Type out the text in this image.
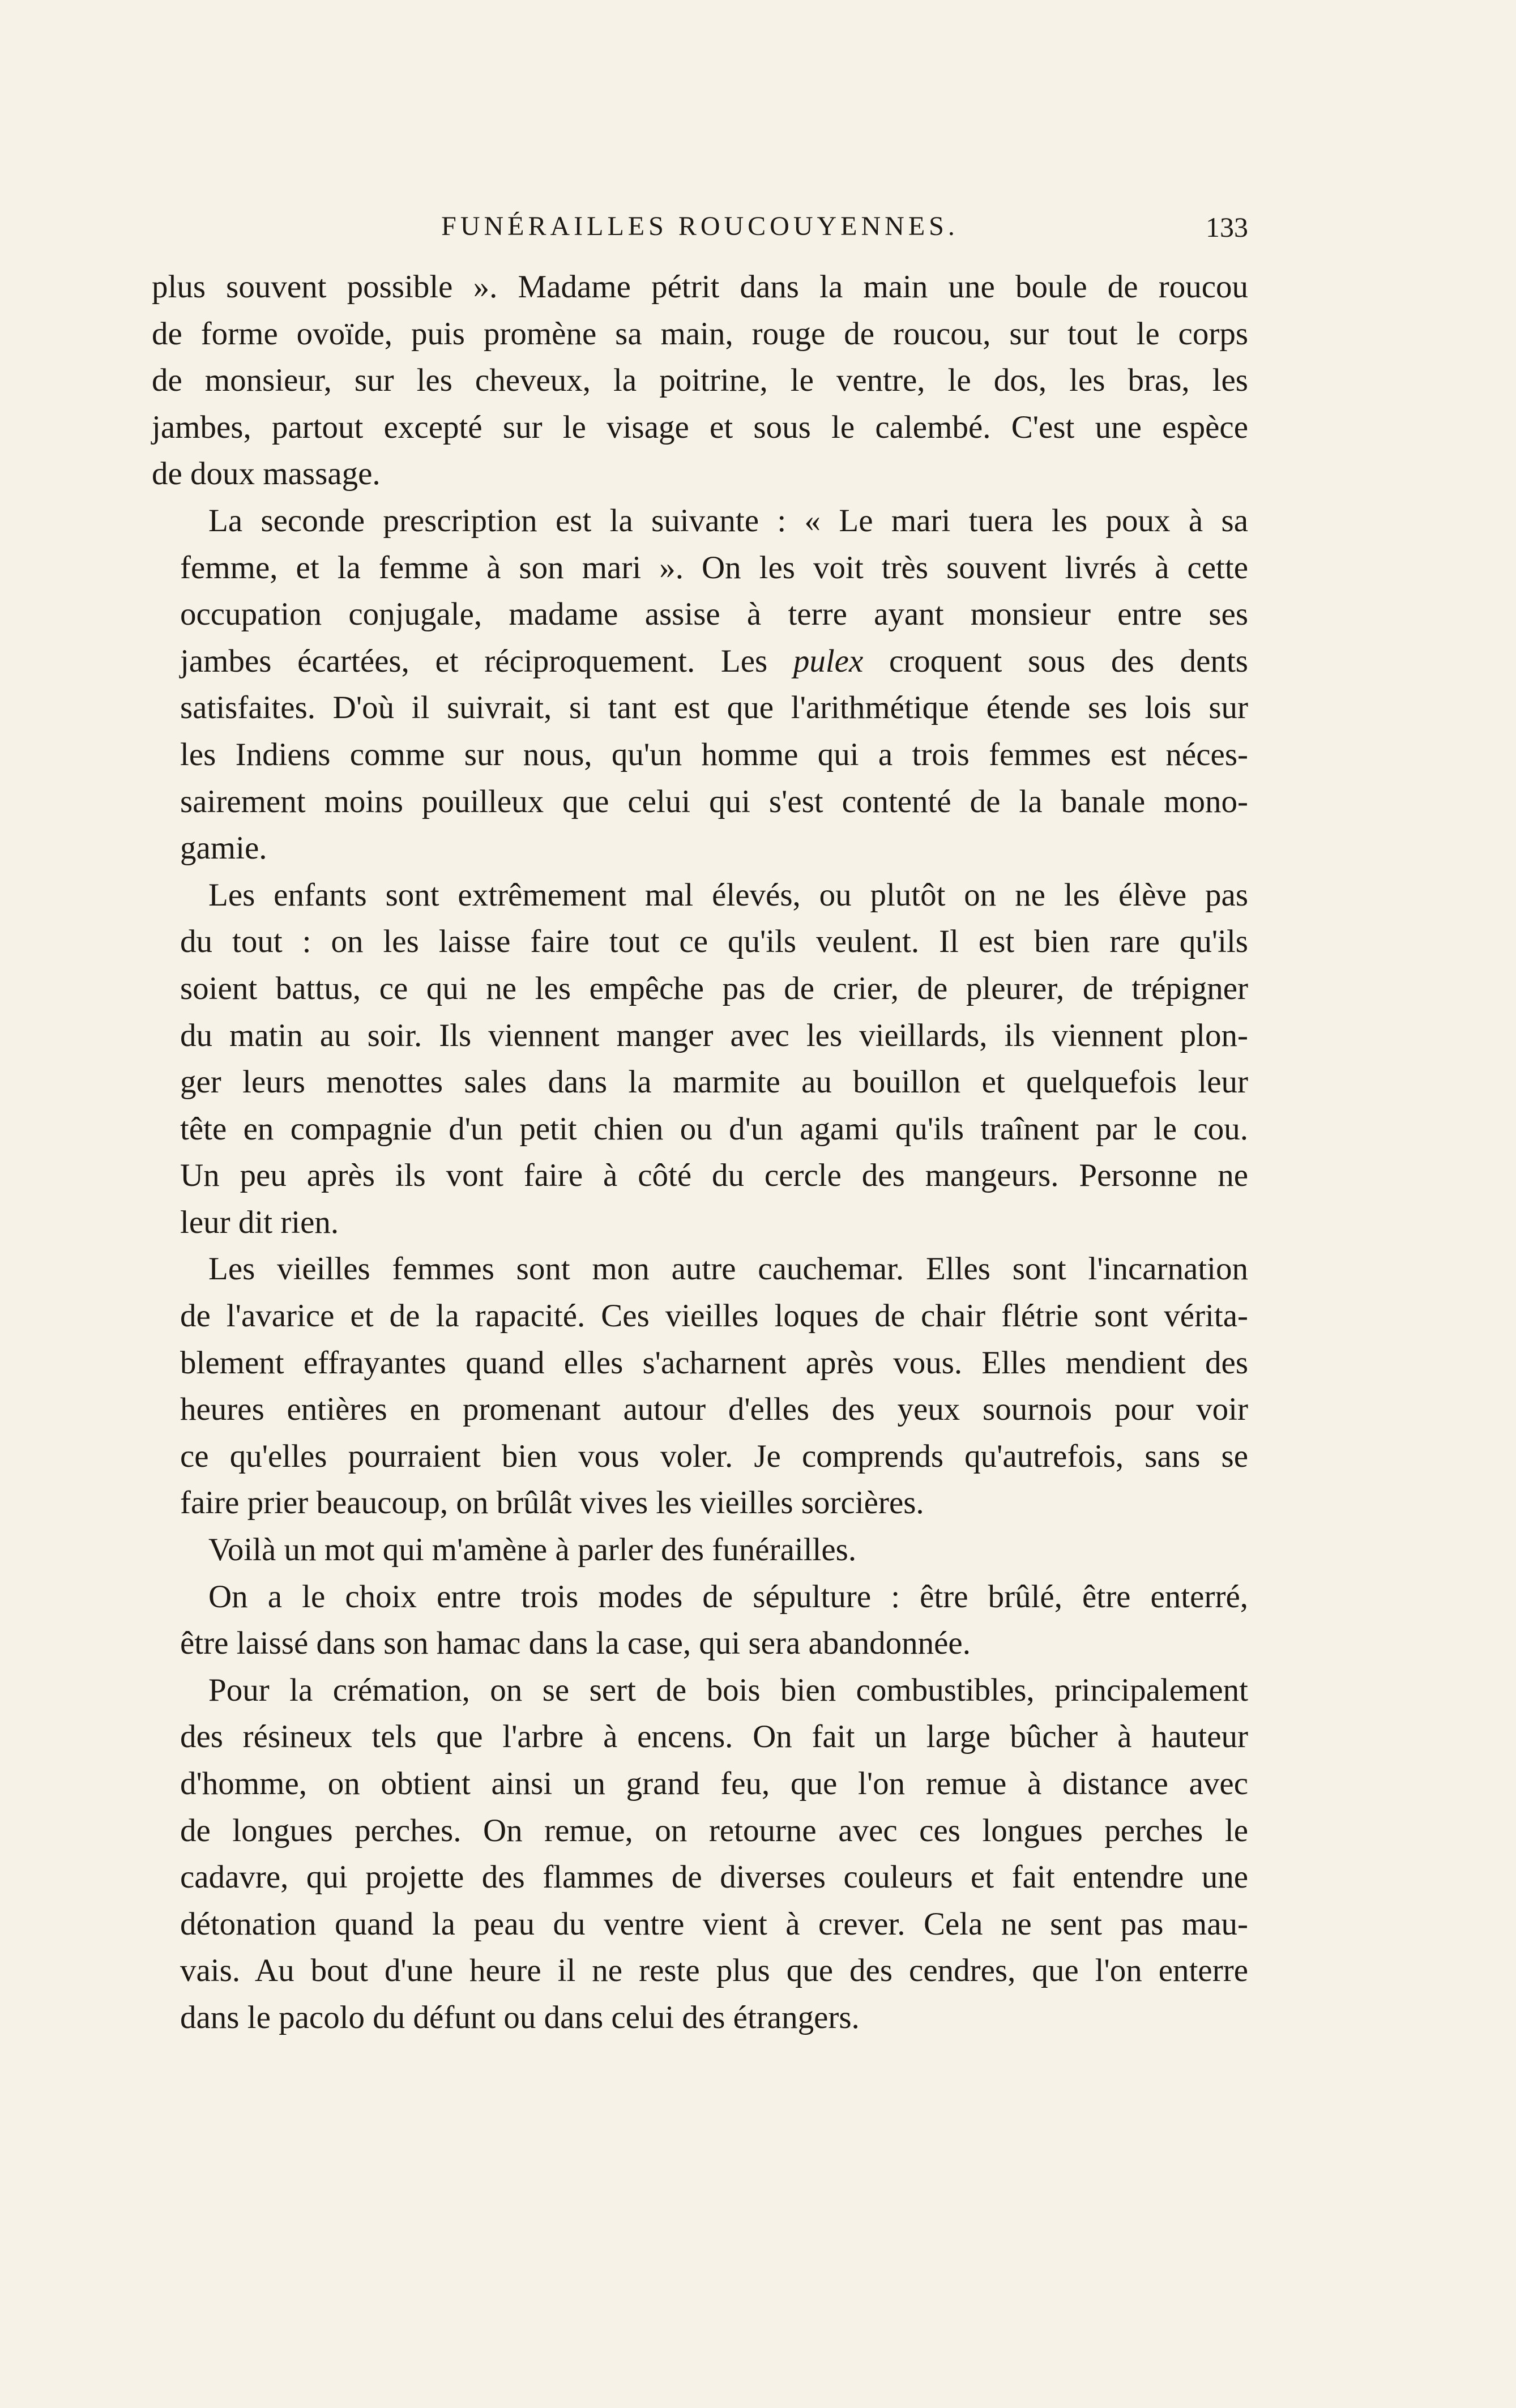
FUNÉRAILLES ROUCOUYENNES.	133
plus souvent possible ». Madame pétrit dans la main une boule de roucou
de forme ovoïde, puis promène sa main, rouge de roucou, sur tout le corps
de monsieur, sur les cheveux, la poitrine, le ventre, le dos, les bras, les
jambes, partout excepté sur le visage et sous le calembé. C'est une espèce
de doux massage.
La seconde prescription est la suivante : « Le mari tuera les poux à sa
femme, et la femme à son mari ». On les voit très souvent livrés à cette
occupation conjugale, madame assise à terre ayant monsieur entre ses
jambes écartées, et réciproquement. Les pulex croquent sous des dents
satisfaites. D'où il suivrait, si tant est que l'arithmétique étende ses lois sur
les Indiens comme sur nous, qu'un homme qui a trois femmes est néces-
sairement moins pouilleux que celui qui s'est contenté de la banale mono-
gamie.
Les enfants sont extrêmement mal élevés, ou plutôt on ne les élève pas
du tout : on les laisse faire tout ce qu'ils veulent. Il est bien rare qu'ils
soient battus, ce qui ne les empêche pas de crier, de pleurer, de trépigner
du matin au soir. Ils viennent manger avec les vieillards, ils viennent plon-
ger leurs menottes sales dans la marmite au bouillon et quelquefois leur
tête en compagnie d'un petit chien ou d'un agami qu'ils traînent par le cou.
Un peu après ils vont faire à côté du cercle des mangeurs. Personne ne
leur dit rien.
Les vieilles femmes sont mon autre cauchemar. Elles sont l'incarnation
de l'avarice et de la rapacité. Ces vieilles loques de chair flétrie sont vérita-
blement effrayantes quand elles s'acharnent après vous. Elles mendient des
heures entières en promenant autour d'elles des yeux sournois pour voir
ce qu'elles pourraient bien vous voler. Je comprends qu'autrefois, sans se
faire prier beaucoup, on brûlât vives les vieilles sorcières.
Voilà un mot qui m'amène à parler des funérailles.
On a le choix entre trois modes de sépulture : être brûlé, être enterré,
être laissé dans son hamac dans la case, qui sera abandonnée.
Pour la crémation, on se sert de bois bien combustibles, principalement
des résineux tels que l'arbre à encens. On fait un large bûcher à hauteur
d'homme, on obtient ainsi un grand feu, que l'on remue à distance avec
de longues perches. On remue, on retourne avec ces longues perches le
cadavre, qui projette des flammes de diverses couleurs et fait entendre une
détonation quand la peau du ventre vient à crever. Cela ne sent pas mau-
vais. Au bout d'une heure il ne reste plus que des cendres, que l'on enterre
dans le pacolo du défunt ou dans celui des étrangers.
